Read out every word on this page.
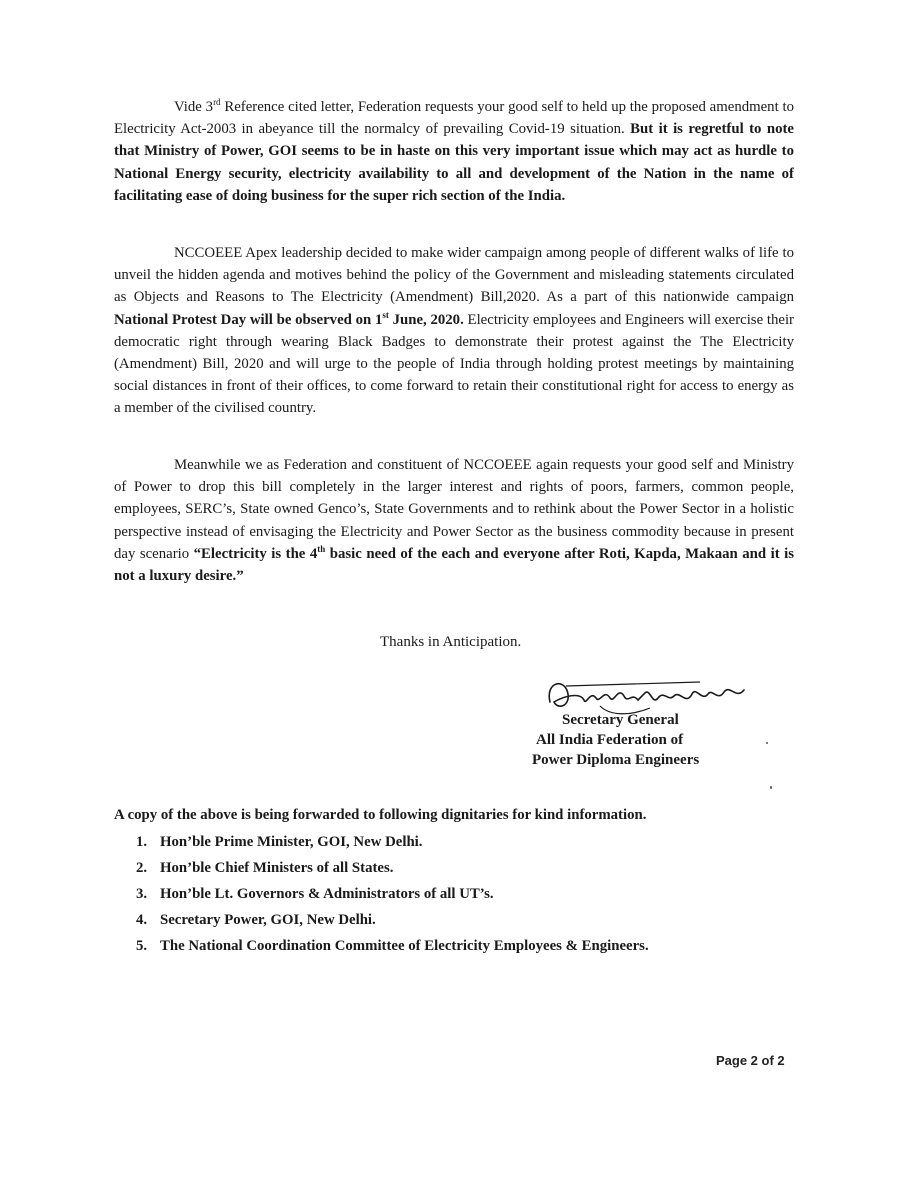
Vide 3rd Reference cited letter, Federation requests your good self to held up the proposed amendment to Electricity Act-2003 in abeyance till the normalcy of prevailing Covid-19 situation. But it is regretful to note that Ministry of Power, GOI seems to be in haste on this very important issue which may act as hurdle to National Energy security, electricity availability to all and development of the Nation in the name of facilitating ease of doing business for the super rich section of the India.

NCCOEEE Apex leadership decided to make wider campaign among people of different walks of life to unveil the hidden agenda and motives behind the policy of the Government and misleading statements circulated as Objects and Reasons to The Electricity (Amendment) Bill,2020. As a part of this nationwide campaign National Protest Day will be observed on 1st June, 2020. Electricity employees and Engineers will exercise their democratic right through wearing Black Badges to demonstrate their protest against the The Electricity (Amendment) Bill, 2020 and will urge to the people of India through holding protest meetings by maintaining social distances in front of their offices, to come forward to retain their constitutional right for access to energy as a member of the civilised country.

Meanwhile we as Federation and constituent of NCCOEEE again requests your good self and Ministry of Power to drop this bill completely in the larger interest and rights of poors, farmers, common people, employees, SERC’s, State owned Genco’s, State Governments and to rethink about the Power Sector in a holistic perspective instead of envisaging the Electricity and Power Sector as the business commodity because in present day scenario “Electricity is the 4th basic need of the each and everyone after Roti, Kapda, Makaan and it is not a luxury desire.”

Thanks in Anticipation.

Secretary General

All India Federation of

Power Diploma Engineers

A copy of the above is being forwarded to following dignitaries for kind information.

1. Hon’ble Prime Minister, GOI, New Delhi.
2. Hon’ble Chief Ministers of all States.
3. Hon’ble Lt. Governors & Administrators of all UT’s.
4. Secretary Power, GOI, New Delhi.
5. The National Coordination Committee of Electricity Employees & Engineers.

Page 2 of 2
